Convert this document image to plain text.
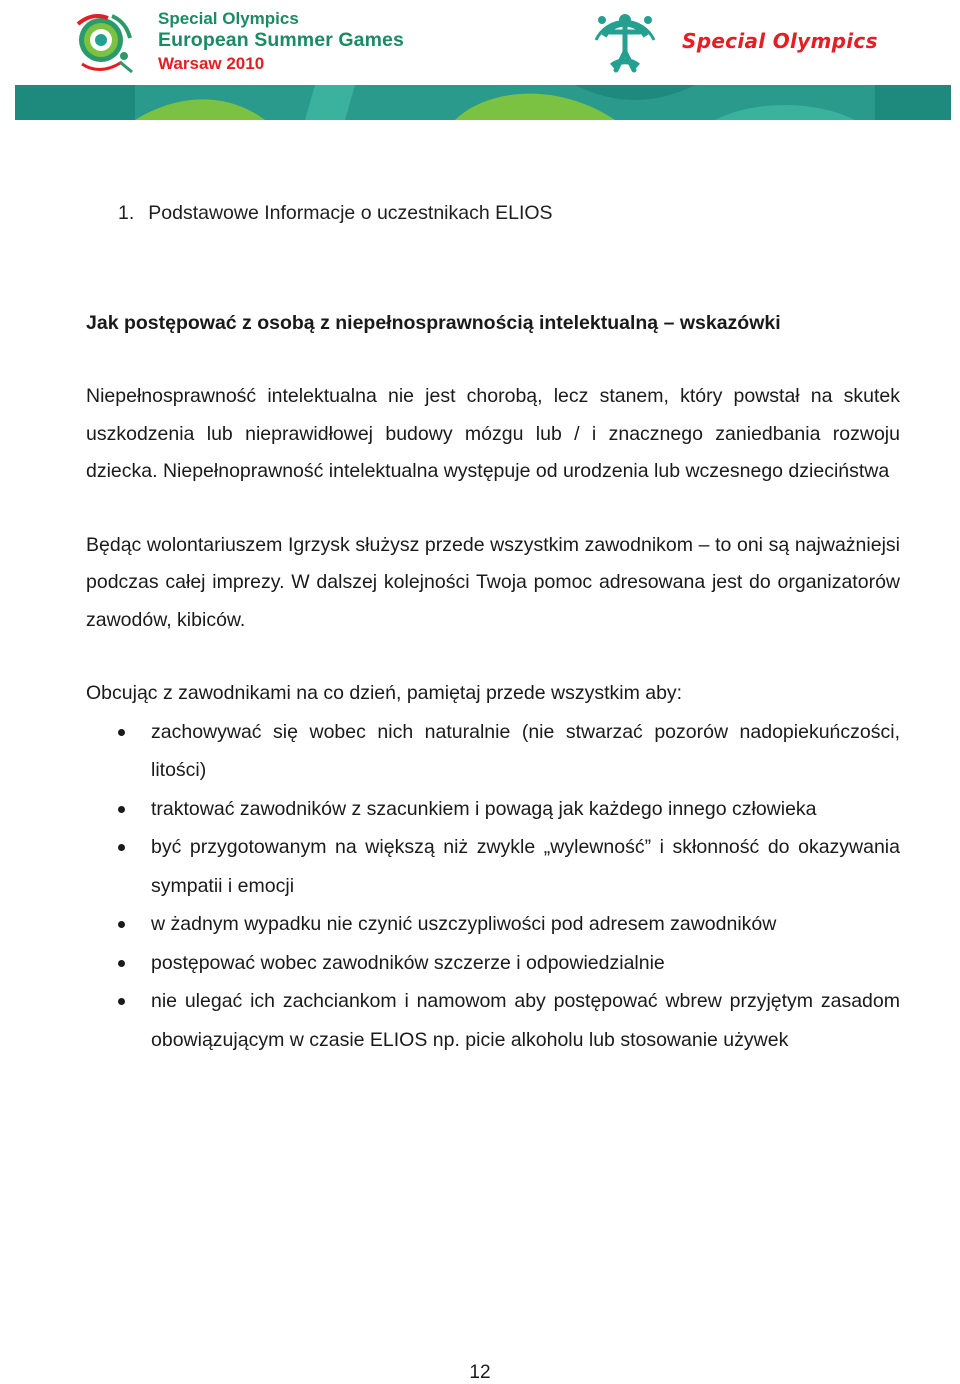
Special Olympics
European Summer Games
Warsaw 2010
Special Olympics
1. Podstawowe Informacje o uczestnikach ELIOS
Jak postępować z osobą z niepełnosprawnością intelektualną – wskazówki

Niepełnosprawność intelektualna nie jest chorobą, lecz stanem, który powstał na skutek uszkodzenia lub nieprawidłowej budowy mózgu lub / i znacznego zaniedbania rozwoju dziecka. Niepełnoprawność intelektualna występuje od urodzenia lub wczesnego dzieciństwa

Będąc wolontariuszem Igrzysk służysz przede wszystkim zawodnikom – to oni są najważniejsi podczas całej imprezy. W dalszej kolejności Twoja pomoc adresowana jest do organizatorów zawodów, kibiców.

Obcując z zawodnikami na co dzień, pamiętaj przede wszystkim aby:

zachowywać się wobec nich naturalnie (nie stwarzać pozorów nadopiekuńczości, litości)
traktować zawodników z szacunkiem i powagą jak każdego innego człowieka
być przygotowanym na większą niż zwykle „wylewność” i skłonność do okazywania sympatii i emocji
w żadnym wypadku nie czynić uszczypliwości pod adresem zawodników
postępować wobec zawodników szczerze i odpowiedzialnie
nie ulegać ich zachciankom i namowom aby postępować wbrew przyjętym zasadom obowiązującym w czasie ELIOS np. picie alkoholu lub stosowanie używek
12
